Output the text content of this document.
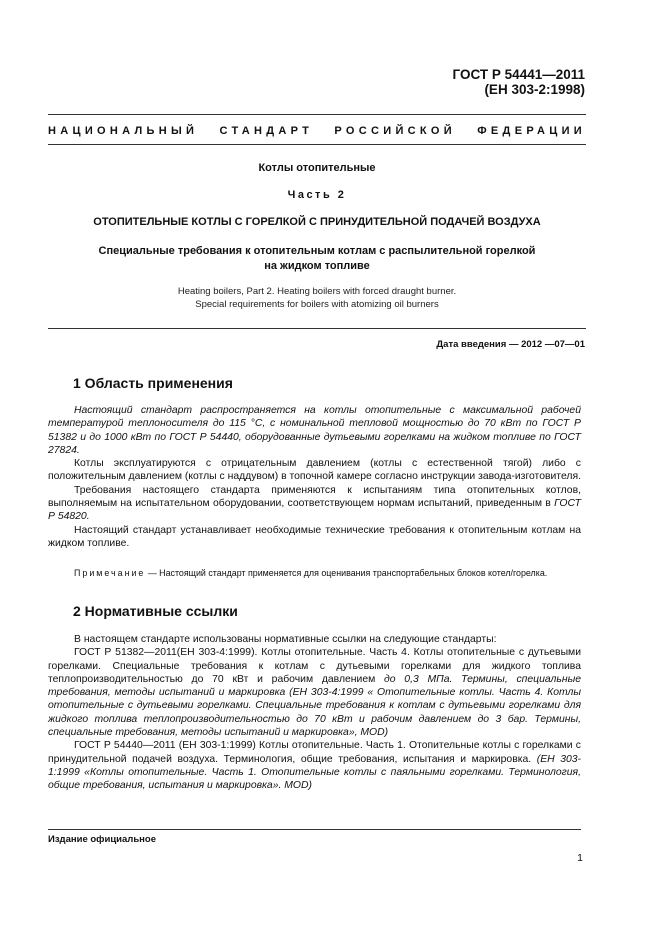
ГОСТ Р 54441—2011
(ЕН 303-2:1998)
НАЦИОНАЛЬНЫЙ СТАНДАРТ РОССИЙСКОЙ ФЕДЕРАЦИИ
Котлы отопительные
Часть 2
ОТОПИТЕЛЬНЫЕ КОТЛЫ С ГОРЕЛКОЙ С ПРИНУДИТЕЛЬНОЙ ПОДАЧЕЙ ВОЗДУХА
Специальные требования к отопительным котлам с распылительной горелкой
на жидком топливе
Heating boilers, Part 2. Heating boilers with forced draught burner.
Special requirements for boilers with atomizing oil burners
Дата введения — 2012 —07—01
1 Область применения

Настоящий стандарт распространяется на котлы отопительные с максимальной рабочей температурой теплоносителя до 115 °С, с номинальной тепловой мощностью до 70 кВт по ГОСТ Р 51382 и до 1000 кВт по ГОСТ Р 54440, оборудованные дутьевыми горелками на жидком топливе по ГОСТ 27824.

Котлы эксплуатируются с отрицательным давлением (котлы с естественной тягой) либо с положительным давлением (котлы с наддувом) в топочной камере согласно инструкции завода-изготовителя.

Требования настоящего стандарта применяются к испытаниям типа отопительных котлов, выполняемым на испытательном оборудовании, соответствующем нормам испытаний, приведенным в ГОСТ Р 54820.

Настоящий стандарт устанавливает необходимые технические требования к отопительным котлам на жидком топливе.

Примечание — Настоящий стандарт применяется для оценивания транспортабельных блоков котел/горелка.

2 Нормативные ссылки

В настоящем стандарте использованы нормативные ссылки на следующие стандарты:

ГОСТ Р 51382—2011(ЕН 303-4:1999). Котлы отопительные. Часть 4. Котлы отопительные с дутьевыми горелками. Специальные требования к котлам с дутьевыми горелками для жидкого топлива теплопроизводительностью до 70 кВт и рабочим давлением до 0,3 МПа. Термины, специальные требования, методы испытаний и маркировка (ЕН 303-4:1999 « Отопительные котлы. Часть 4. Котлы отопительные с дутьевыми горелками. Специальные требования к котлам с дутьевыми горелками для жидкого топлива теплопроизводительностью до 70 кВт и рабочим давлением до 3 бар. Термины, специальные требования, методы испытаний и маркировка», MOD)

ГОСТ Р 54440—2011 (ЕН 303-1:1999) Котлы отопительные. Часть 1. Отопительные котлы с горелками с принудительной подачей воздуха. Терминология, общие требования, испытания и маркировка. (ЕН 303-1:1999 «Котлы отопительные. Часть 1. Отопительные котлы с паяльными горелками. Терминология, общие требования, испытания и маркировка». MOD)

Издание официальное
1
